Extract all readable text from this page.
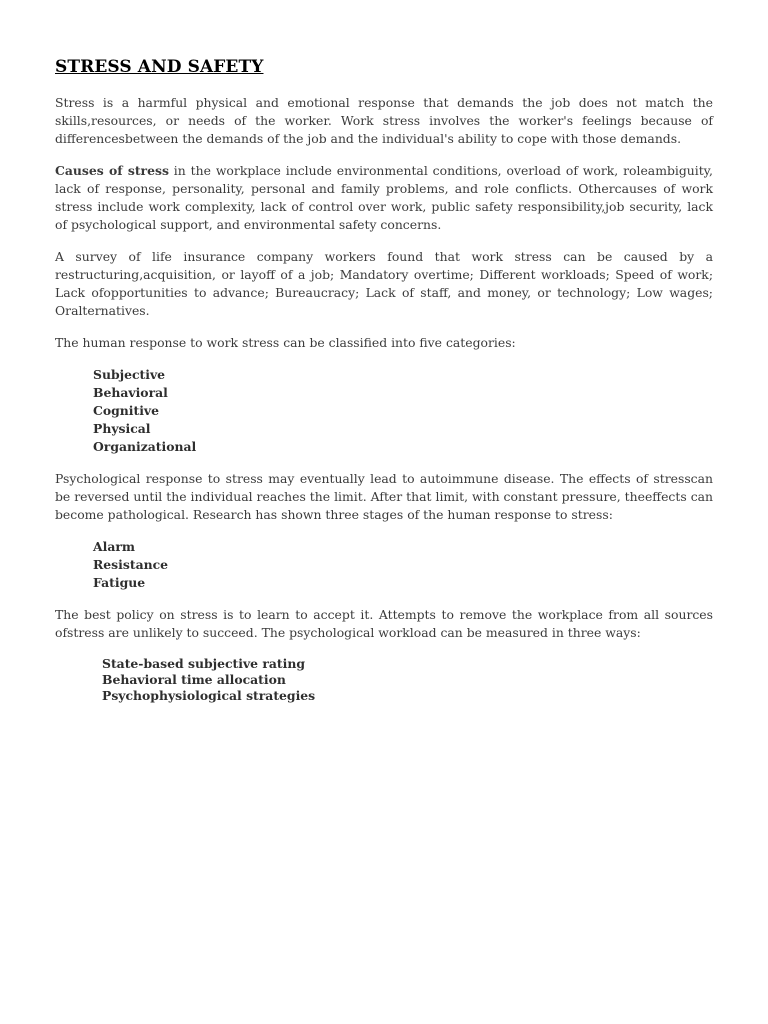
STRESS AND SAFETY

Stress is a harmful physical and emotional response that demands the job does not match the skills,resources, or needs of the worker. Work stress involves the worker's feelings because of differencesbetween the demands of the job and the individual's ability to cope with those demands.

Causes of stress in the workplace include environmental conditions, overload of work, roleambiguity, lack of response, personality, personal and family problems, and role conflicts. Othercauses of work stress include work complexity, lack of control over work, public safety responsibility,job security, lack of psychological support, and environmental safety concerns.

A survey of life insurance company workers found that work stress can be caused by a restructuring,acquisition, or layoff of a job; Mandatory overtime; Different workloads; Speed of work; Lack ofopportunities to advance; Bureaucracy; Lack of staff, and money, or technology; Low wages; Oralternatives.

The human response to work stress can be classified into five categories:

Subjective
Behavioral
Cognitive
Physical
Organizational

Psychological response to stress may eventually lead to autoimmune disease. The effects of stresscan be reversed until the individual reaches the limit. After that limit, with constant pressure, theeffects can become pathological. Research has shown three stages of the human response to stress:

Alarm
Resistance
Fatigue

The best policy on stress is to learn to accept it. Attempts to remove the workplace from all sources ofstress are unlikely to succeed. The psychological workload can be measured in three ways:

State-based subjective rating
Behavioral time allocation
Psychophysiological strategies
